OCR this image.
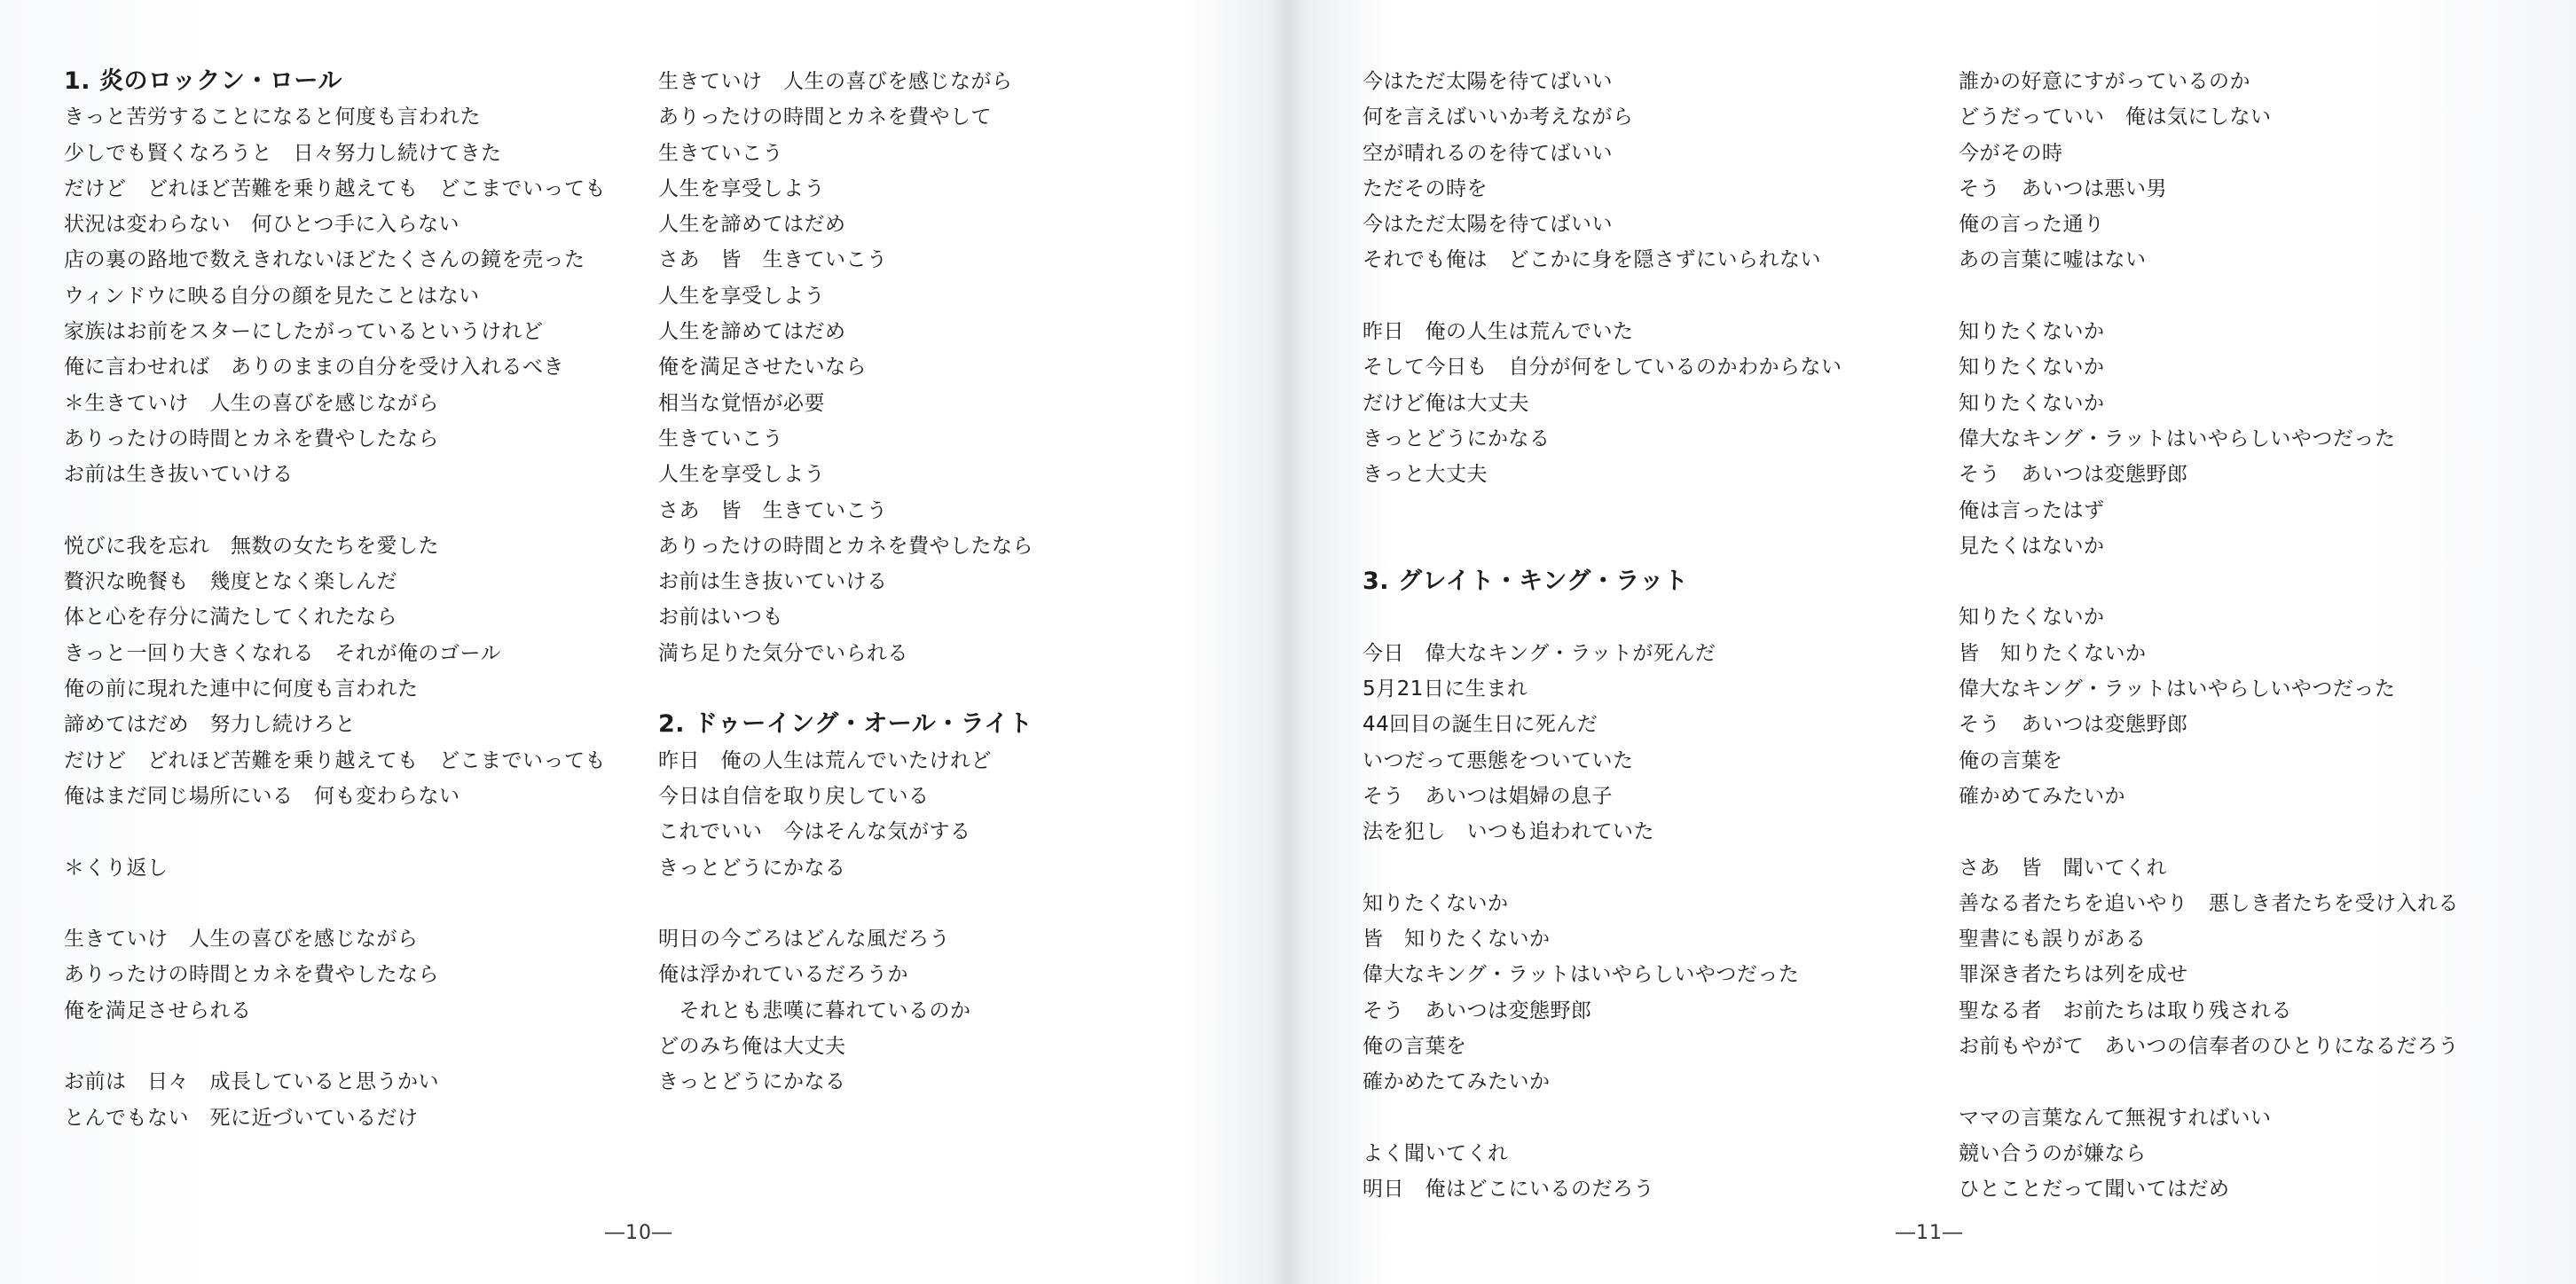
1. 炎のロックン・ロール
きっと苦労することになると何度も言われた
少しでも賢くなろうと　日々努力し続けてきた
だけど　どれほど苦難を乗り越えても　どこまでいっても
状況は変わらない　何ひとつ手に入らない
店の裏の路地で数えきれないほどたくさんの鏡を売った
ウィンドウに映る自分の顔を見たことはない
家族はお前をスターにしたがっているというけれど
俺に言わせれば　ありのままの自分を受け入れるべき
＊生きていけ　人生の喜びを感じながら
ありったけの時間とカネを費やしたなら
お前は生き抜いていける
悦びに我を忘れ　無数の女たちを愛した
贅沢な晩餐も　幾度となく楽しんだ
体と心を存分に満たしてくれたなら
きっと一回り大きくなれる　それが俺のゴール
俺の前に現れた連中に何度も言われた
諦めてはだめ　努力し続けろと
だけど　どれほど苦難を乗り越えても　どこまでいっても
俺はまだ同じ場所にいる　何も変わらない
＊くり返し
生きていけ　人生の喜びを感じながら
ありったけの時間とカネを費やしたなら
俺を満足させられる
お前は　日々　成長していると思うかい
とんでもない　死に近づいているだけ
生きていけ　人生の喜びを感じながら
ありったけの時間とカネを費やして
生きていこう
人生を享受しよう
人生を諦めてはだめ
さあ　皆　生きていこう
人生を享受しよう
人生を諦めてはだめ
俺を満足させたいなら
相当な覚悟が必要
生きていこう
人生を享受しよう
さあ　皆　生きていこう
ありったけの時間とカネを費やしたなら
お前は生き抜いていける
お前はいつも
満ち足りた気分でいられる
2. ドゥーイング・オール・ライト
昨日　俺の人生は荒んでいたけれど
今日は自信を取り戻している
これでいい　今はそんな気がする
きっとどうにかなる
明日の今ごろはどんな風だろう
俺は浮かれているだろうか
　それとも悲嘆に暮れているのか
どのみち俺は大丈夫
きっとどうにかなる
―10―
今はただ太陽を待てばいい
何を言えばいいか考えながら
空が晴れるのを待てばいい
ただその時を
今はただ太陽を待てばいい
それでも俺は　どこかに身を隠さずにいられない
昨日　俺の人生は荒んでいた
そして今日も　自分が何をしているのかわからない
だけど俺は大丈夫
きっとどうにかなる
きっと大丈夫
3. グレイト・キング・ラット
今日　偉大なキング・ラットが死んだ
5月21日に生まれ
44回目の誕生日に死んだ
いつだって悪態をついていた
そう　あいつは娼婦の息子
法を犯し　いつも追われていた
知りたくないか
皆　知りたくないか
偉大なキング・ラットはいやらしいやつだった
そう　あいつは変態野郎
俺の言葉を
確かめたてみたいか
よく聞いてくれ
明日　俺はどこにいるのだろう
誰かの好意にすがっているのか
どうだっていい　俺は気にしない
今がその時
そう　あいつは悪い男
俺の言った通り
あの言葉に嘘はない
知りたくないか
知りたくないか
知りたくないか
偉大なキング・ラットはいやらしいやつだった
そう　あいつは変態野郎
俺は言ったはず
見たくはないか
知りたくないか
皆　知りたくないか
偉大なキング・ラットはいやらしいやつだった
そう　あいつは変態野郎
俺の言葉を
確かめてみたいか
さあ　皆　聞いてくれ
善なる者たちを追いやり　悪しき者たちを受け入れる
聖書にも誤りがある
罪深き者たちは列を成せ
聖なる者　お前たちは取り残される
お前もやがて　あいつの信奉者のひとりになるだろう
ママの言葉なんて無視すればいい
競い合うのが嫌なら
ひとことだって聞いてはだめ
―11―
